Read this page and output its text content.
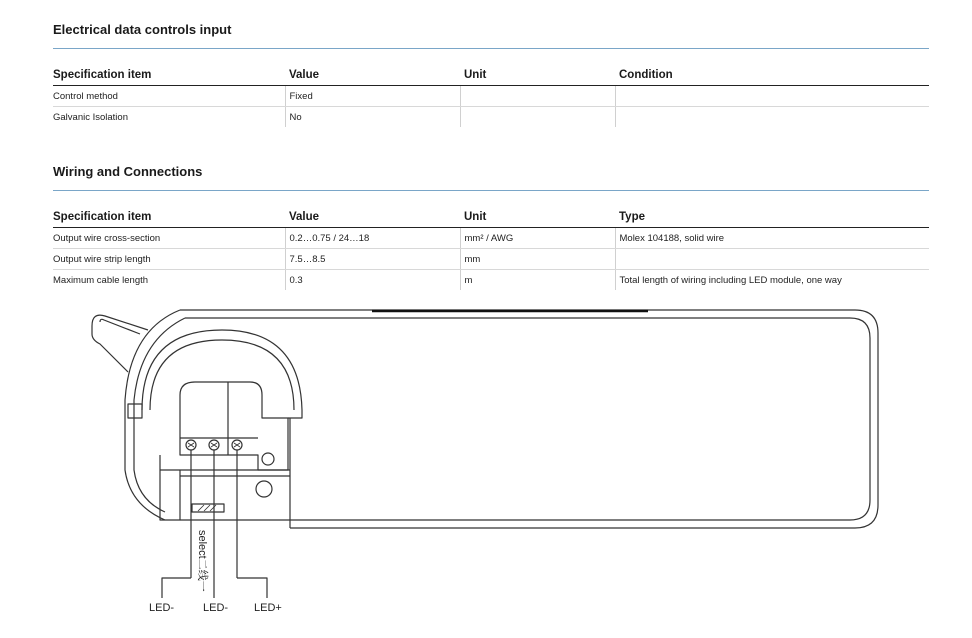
Electrical data controls input
Specification item	Value	Unit	Condition
Control method	Fixed		
Galvanic Isolation	No		
Wiring and Connections
Specification item	Value	Unit	Type
Output wire cross-section	0.2…0.75 / 24…18	mm² / AWG	Molex 104188, solid wire
Output wire strip length	7.5…8.5	mm	
Maximum cable length	0.3	m	Total length of wiring including LED module, one way
select二线一
LED-	LED- LED+
